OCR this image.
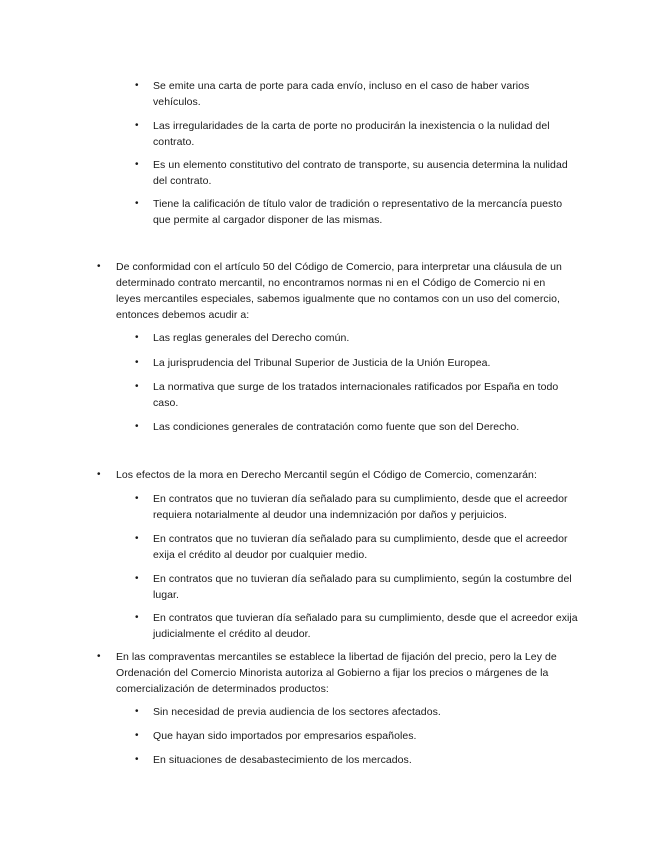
• Se emite una carta de porte para cada envío, incluso en el caso de haber varios vehículos.
• Las irregularidades de la carta de porte no producirán la inexistencia o la nulidad del contrato.
• Es un elemento constitutivo del contrato de transporte, su ausencia determina la nulidad del contrato.
• Tiene la calificación de título valor de tradición o representativo de la mercancía puesto que permite al cargador disponer de las mismas.
• De conformidad con el artículo 50 del Código de Comercio, para interpretar una cláusula de un determinado contrato mercantil, no encontramos normas ni en el Código de Comercio ni en leyes mercantiles especiales, sabemos igualmente que no contamos con un uso del comercio, entonces debemos acudir a:
• Las reglas generales del Derecho común.
• La jurisprudencia del Tribunal Superior de Justicia de la Unión Europea.
• La normativa que surge de los tratados internacionales ratificados por España en todo caso.
• Las condiciones generales de contratación como fuente que son del Derecho.
• Los efectos de la mora en Derecho Mercantil según el Código de Comercio, comenzarán:
• En contratos que no tuvieran día señalado para su cumplimiento, desde que el acreedor requiera notarialmente al deudor una indemnización por daños y perjuicios.
• En contratos que no tuvieran día señalado para su cumplimiento, desde que el acreedor exija el crédito al deudor por cualquier medio.
• En contratos que no tuvieran día señalado para su cumplimiento, según la costumbre del lugar.
• En contratos que tuvieran día señalado para su cumplimiento, desde que el acreedor exija judicialmente el crédito al deudor.
• En las compraventas mercantiles se establece la libertad de fijación del precio, pero la Ley de Ordenación del Comercio Minorista autoriza al Gobierno a fijar los precios o márgenes de la comercialización de determinados productos:
• Sin necesidad de previa audiencia de los sectores afectados.
• Que hayan sido importados por empresarios españoles.
• En situaciones de desabastecimiento de los mercados.
